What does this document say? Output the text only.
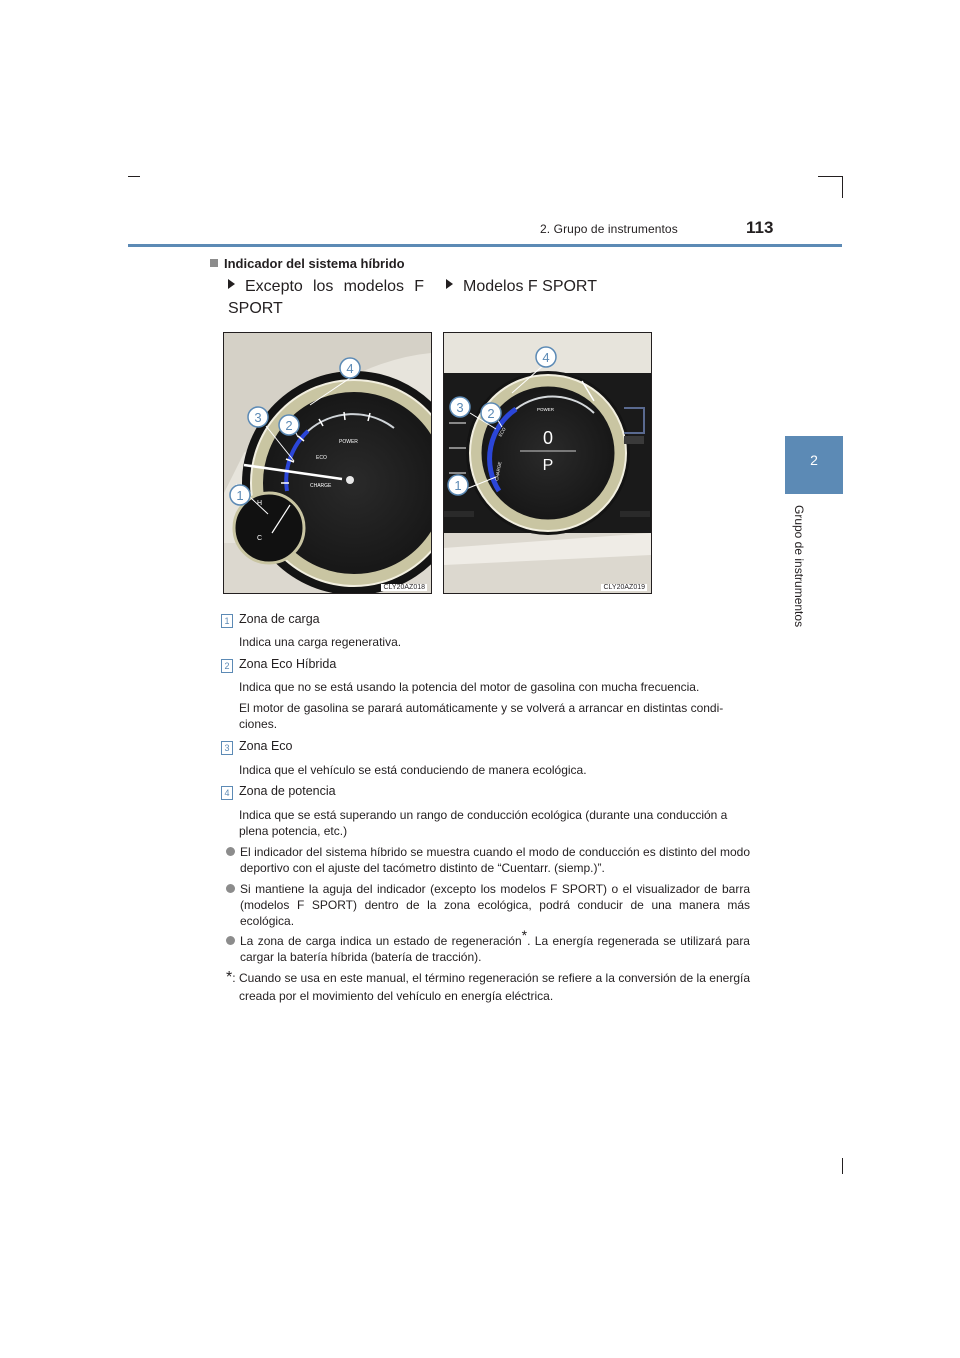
2. Grupo de instrumentos	113
2
Grupo de instrumentos
Indicador del sistema híbrido
Excepto los modelos F SPORT
Modelos F SPORT
POWER
ECO
CHARGE
H
C
1
2
3
4
CLY20AZ018
POWER
ECO
CHARGE
0
P
1
2
3
4
CLY20AZ019
1 Zona de carga
Indica una carga regenerativa.
2 Zona Eco Híbrida
Indica que no se está usando la potencia del motor de gasolina con mucha frecuencia.
El motor de gasolina se parará automáticamente y se volverá a arrancar en distintas condi-ciones.
3 Zona Eco
Indica que el vehículo se está conduciendo de manera ecológica.
4 Zona de potencia
Indica que se está superando un rango de conducción ecológica (durante una conducción a plena potencia, etc.)
El indicador del sistema híbrido se muestra cuando el modo de conducción es distinto del modo deportivo con el ajuste del tacómetro distinto de “Cuentarr. (siemp.)”.
Si mantiene la aguja del indicador (excepto los modelos F SPORT) o el visualizador de barra (modelos F SPORT) dentro de la zona ecológica, podrá conducir de una manera más ecológica.
La zona de carga indica un estado de regeneración*. La energía regenerada se utilizará para cargar la batería híbrida (batería de tracción).
*: Cuando se usa en este manual, el término regeneración se refiere a la conversión de la energía creada por el movimiento del vehículo en energía eléctrica.
